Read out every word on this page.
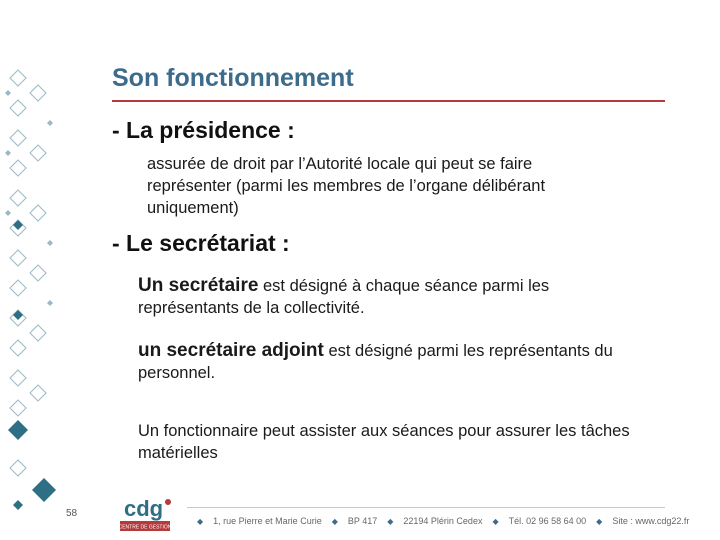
Son fonctionnement
- La présidence :
assurée de droit par l’Autorité locale qui peut se faire représenter (parmi les membres de l’organe délibérant uniquement)
- Le secrétariat :
Un secrétaire est désigné à chaque séance parmi les représentants de la collectivité.
un secrétaire adjoint est désigné parmi les représentants du personnel.
Un fonctionnaire peut assister aux séances pour assurer les tâches matérielles
58 cdg
CENTRE DE GESTION
◆ 1, rue Pierre et Marie Curie ◆ BP 417 ◆ 22194 Plérin Cedex ◆ Tél. 02 96 58 64 00 ◆ Site : www.cdg22.fr
